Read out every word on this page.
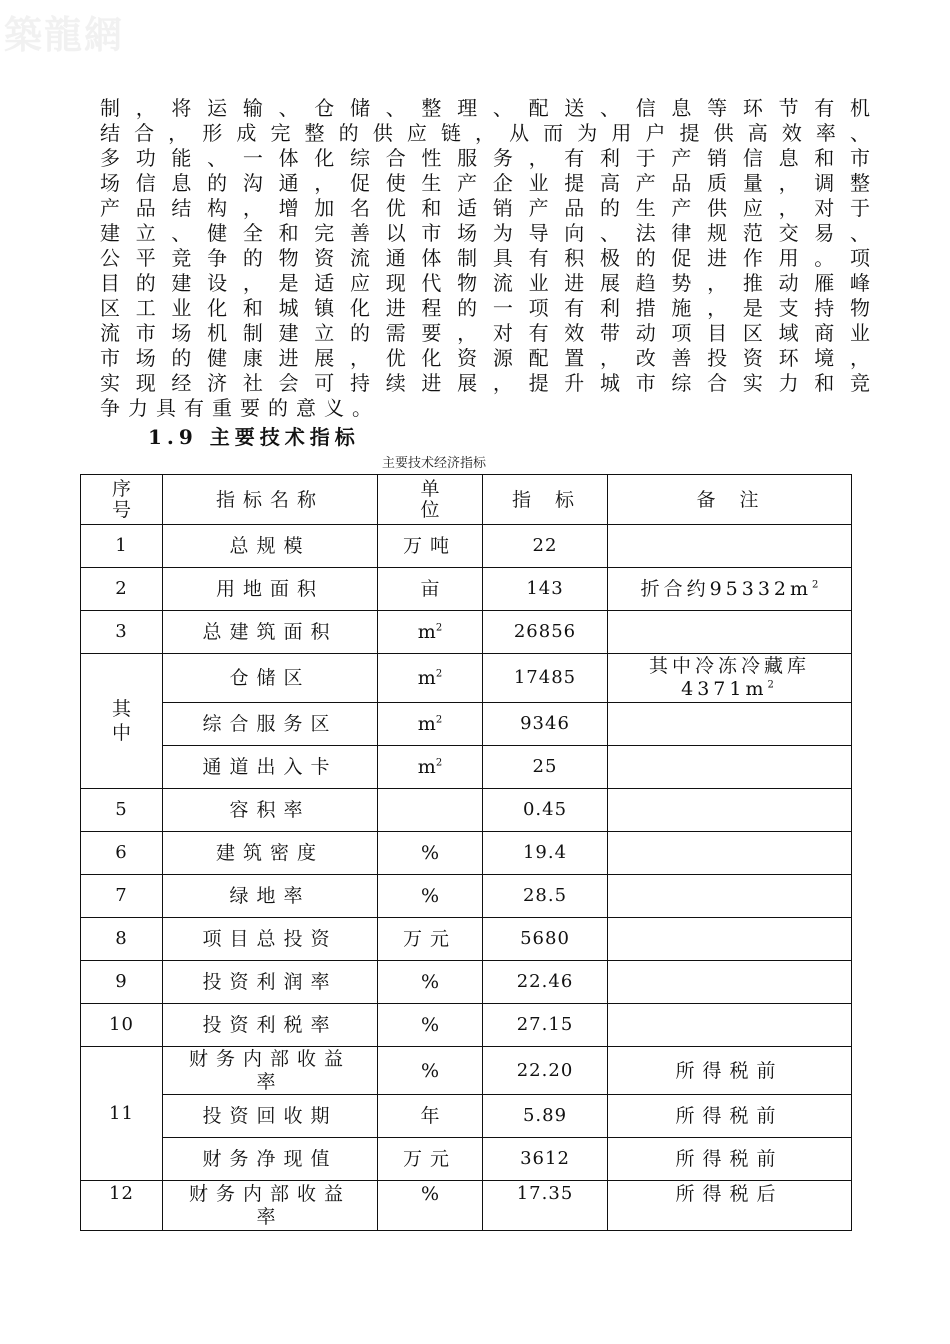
築龍網
制，将运输、仓储、整理、配送、信息等环节有机
结合，形成完整的供应链，从而为用户提供高效率、
多功能、一体化综合性服务，有利于产销信息和市
场信息的沟通，促使生产企业提高产品质量，调整
产品结构，增加名优和适销产品的生产供应，对于
建立、健全和完善以市场为导向、法律规范交易、
公平竞争的物资流通体制具有积极的促进作用。项
目的建设，是适应现代物流业进展趋势，推动雁峰
区工业化和城镇化进程的一项有利措施，是支持物
流市场机制建立的需要，对有效带动项目区域商业
市场的健康进展，优化资源配置，改善投资环境，
实现经济社会可持续进展，提升城市综合实力和竞
争力具有重要的意义。
1.9 主要技术指标
主要技术经济指标
序号	指标名称	单位	指  标	备  注
1	总规模	万吨	22	
2	用地面积	亩	143	折合约$95332m^2$
3	总建筑面积	$m^2$	26856	

其中	仓储区	$m^2$	17485	其中冷冻冷藏库$4371m^2$

	综合服务区	$m^2$	9346	
	通道出入卡	$m^2$	25	
5	容积率		0.45	
6	建筑密度	%	19.4	
7	绿地率	%	28.5	
8	项目总投资	万元	5680	
9	投资利润率	%	22.46	
10	投资利税率	%	27.15	
11	财务内部收益率	%	22.20	所得税前
	投资回收期	年	5.89	所得税前
	财务净现值	万元	3612	所得税前
12	财务内部收益率	%	17.35	所得税后
